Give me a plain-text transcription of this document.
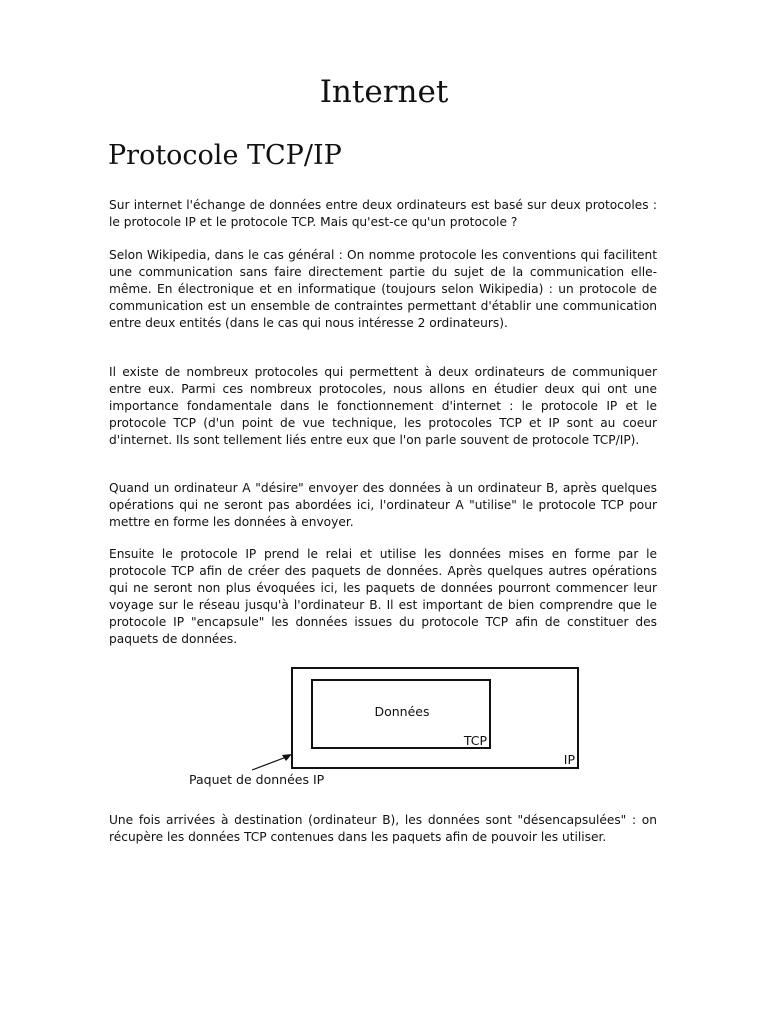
Internet
Protocole TCP/IP

Sur internet l'échange de données entre deux ordinateurs est basé sur deux protocoles : le protocole IP et le protocole TCP. Mais qu'est-ce qu'un protocole ?

Selon Wikipedia, dans le cas général : On nomme protocole les conventions qui facilitent une communication sans faire directement partie du sujet de la communication elle-même. En électronique et en informatique (toujours selon Wikipedia) : un protocole de communication est un ensemble de contraintes permettant d'établir une communication entre deux entités (dans le cas qui nous intéresse 2 ordinateurs).

Il existe de nombreux protocoles qui permettent à deux ordinateurs de communiquer entre eux. Parmi ces nombreux protocoles, nous allons en étudier deux qui ont une importance fondamentale dans le fonctionnement d'internet : le protocole IP et le protocole TCP (d'un point de vue technique, les protocoles TCP et IP sont au coeur d'internet. Ils sont tellement liés entre eux que l'on parle souvent de protocole TCP/IP).

Quand un ordinateur A "désire" envoyer des données à un ordinateur B, après quelques opérations qui ne seront pas abordées ici, l'ordinateur A "utilise" le protocole TCP pour mettre en forme les données à envoyer.

Ensuite le protocole IP prend le relai et utilise les données mises en forme par le protocole TCP afin de créer des paquets de données. Après quelques autres opérations qui ne seront non plus évoquées ici, les paquets de données pourront commencer leur voyage sur le réseau jusqu'à l'ordinateur B. Il est important de bien comprendre que le protocole IP "encapsule" les données issues du protocole TCP afin de constituer des paquets de données.

Données
TCP
IP
Paquet de données IP

Une fois arrivées à destination (ordinateur B), les données sont "désencapsulées" : on récupère les données TCP contenues dans les paquets afin de pouvoir les utiliser.
